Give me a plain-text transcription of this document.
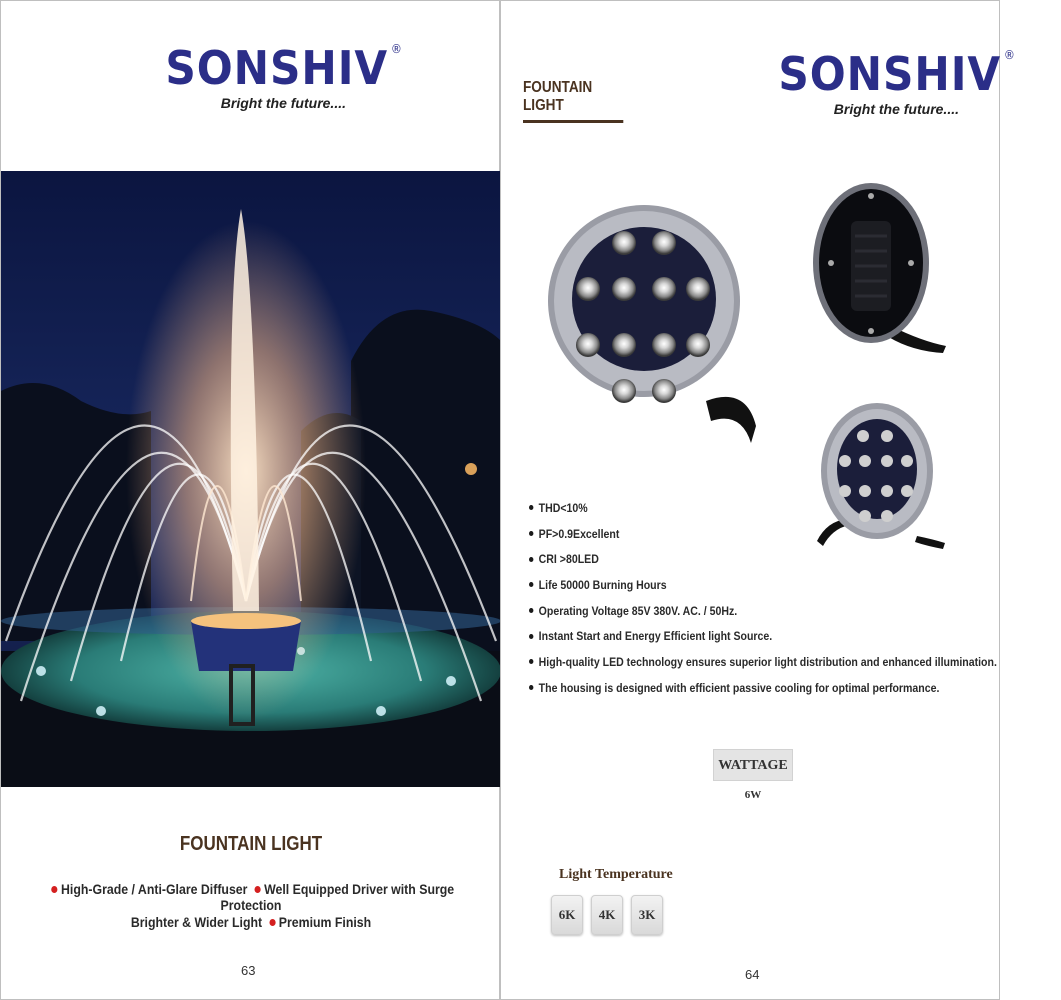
SONSHIV ®
Bright the future....
FOUNTAIN LIGHT
High-Grade / Anti-Glare Diffuser Well Equipped Driver with Surge Protection
Brighter & Wider Light Premium Finish
63
FOUNTAIN LIGHT
SONSHIV ®
Bright the future....
SONSHIV
THD<10%
PF>0.9Excellent
CRI >80LED
Life 50000 Burning Hours
Operating Voltage 85V 380V. AC. / 50Hz.
Instant Start and Energy Efficient light Source.
High-quality LED technology ensures superior light distribution and enhanced illumination.
The housing is designed with efficient passive cooling for optimal performance.
WATTAGE
6W
Light Temperature
6K	4K	3K
64
